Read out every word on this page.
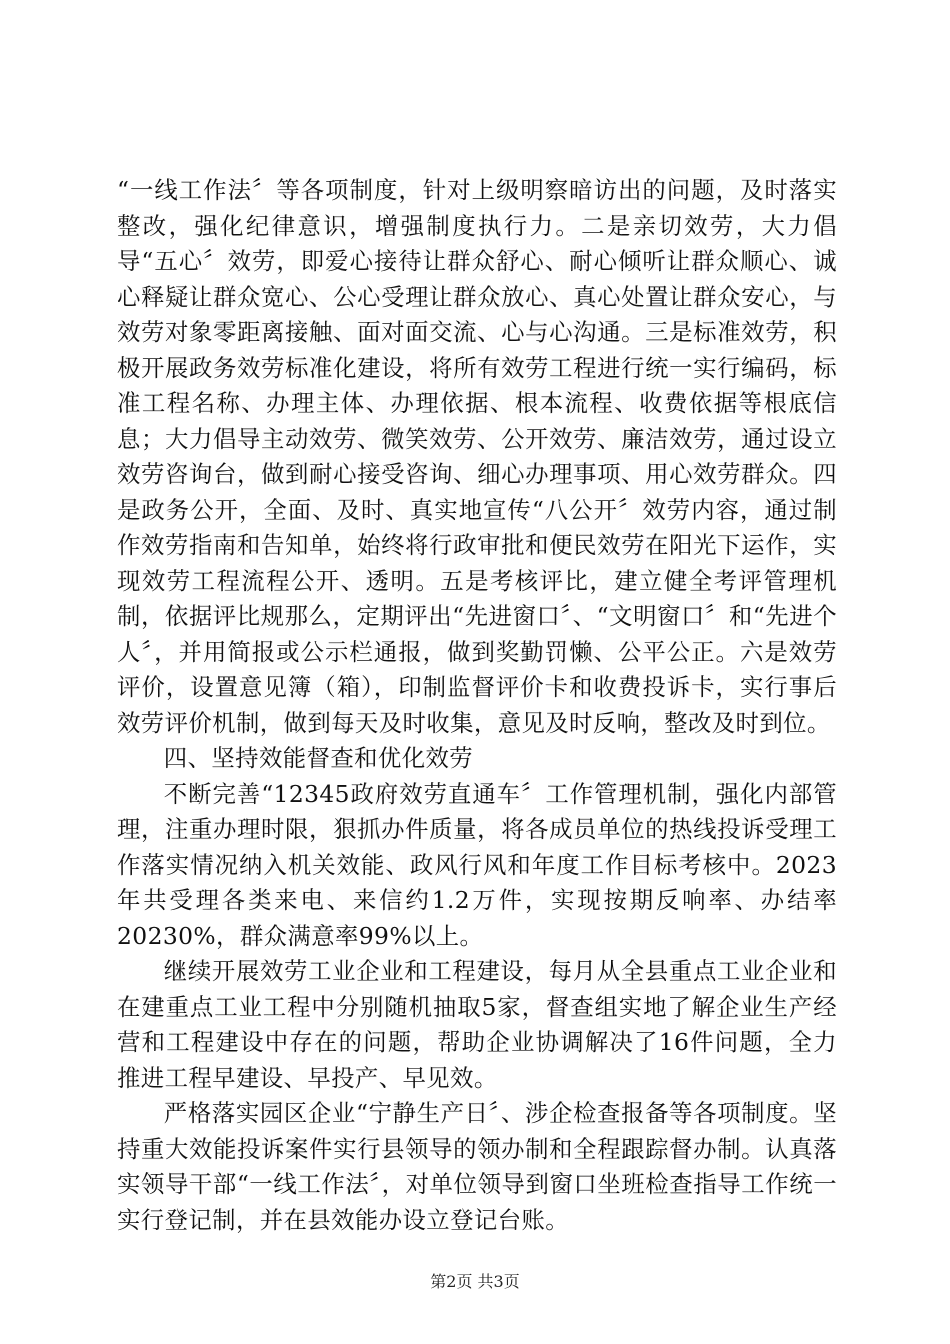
“一线工作法〞等各项制度，针对上级明察暗访出的问题，及时落实整改，强化纪律意识，增强制度执行力。二是亲切效劳，大力倡导“五心〞效劳，即爱心接待让群众舒心、耐心倾听让群众顺心、诚心释疑让群众宽心、公心受理让群众放心、真心处置让群众安心，与效劳对象零距离接触、面对面交流、心与心沟通。三是标准效劳，积极开展政务效劳标准化建设，将所有效劳工程进行统一实行编码，标准工程名称、办理主体、办理依据、根本流程、收费依据等根底信息；大力倡导主动效劳、微笑效劳、公开效劳、廉洁效劳，通过设立效劳咨询台，做到耐心接受咨询、细心办理事项、用心效劳群众。四是政务公开，全面、及时、真实地宣传“八公开〞效劳内容，通过制作效劳指南和告知单，始终将行政审批和便民效劳在阳光下运作，实现效劳工程流程公开、透明。五是考核评比，建立健全考评管理机制，依据评比规那么，定期评出“先进窗口〞、“文明窗口〞和“先进个人〞，并用简报或公示栏通报，做到奖勤罚懒、公平公正。六是效劳评价，设置意见簿（箱），印制监督评价卡和收费投诉卡，实行事后效劳评价机制，做到每天及时收集，意见及时反响，整改及时到位。

四、坚持效能督查和优化效劳

不断完善“12345政府效劳直通车〞工作管理机制，强化内部管理，注重办理时限，狠抓办件质量，将各成员单位的热线投诉受理工作落实情况纳入机关效能、政风行风和年度工作目标考核中。2023年共受理各类来电、来信约1.2万件，实现按期反响率、办结率20230%，群众满意率99%以上。

继续开展效劳工业企业和工程建设，每月从全县重点工业企业和在建重点工业工程中分别随机抽取5家，督查组实地了解企业生产经营和工程建设中存在的问题，帮助企业协调解决了16件问题，全力推进工程早建设、早投产、早见效。

严格落实园区企业“宁静生产日〞、涉企检查报备等各项制度。坚持重大效能投诉案件实行县领导的领办制和全程跟踪督办制。认真落实领导干部“一线工作法〞，对单位领导到窗口坐班检查指导工作统一实行登记制，并在县效能办设立登记台账。

第2页 共3页
